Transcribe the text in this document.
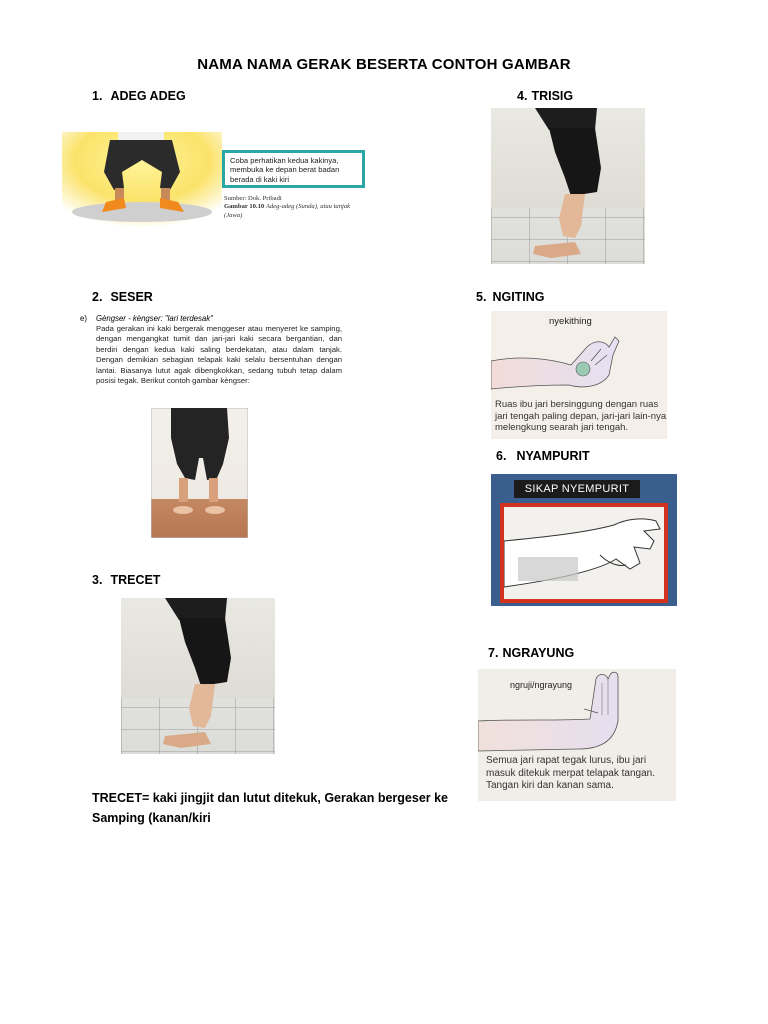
NAMA NAMA GERAK BESERTA CONTOH GAMBAR
1. ADEG ADEG	4. TRISIG
2. SESER	5. NGITING
6. NYAMPURIT
3. TRECET
7. NGRAYUNG
Coba perhatikan kedua kakinya, membuka ke depan berat badan berada di kaki kiri
Sumber: Dok. Pribadi
Gambar 10.10 Adeg-adeg (Sunda), atau tanjak (Jawa)
e) Gèngser - kèngser: "lari terdesak"
Pada gerakan ini kaki bergerak menggeser atau menyeret ke samping, dengan mengangkat tumit dan jari-jari kaki secara bergantian, dan berdiri dengan kedua kaki saling berdekatan, atau dalam tanjak. Dengan demikian sebagian telapak kaki selalu bersentuhan dengan lantai. Biasanya lutut agak dibengkokkan, sedang tubuh tetap dalam posisi tegak. Berikut contoh gambar kèngser:
nyekithing
Ruas ibu jari bersinggung dengan ruas jari tengah paling depan, jari-jari lain-nya melengkung searah jari tengah.
SIKAP NYEMPURIT
ngruji/ngrayung
Semua jari rapat tegak lurus, ibu jari masuk ditekuk merpat telapak tangan. Tangan kiri dan kanan sama.
TRECET= kaki jingjit dan lutut ditekuk, Gerakan bergeser ke Samping (kanan/kiri
